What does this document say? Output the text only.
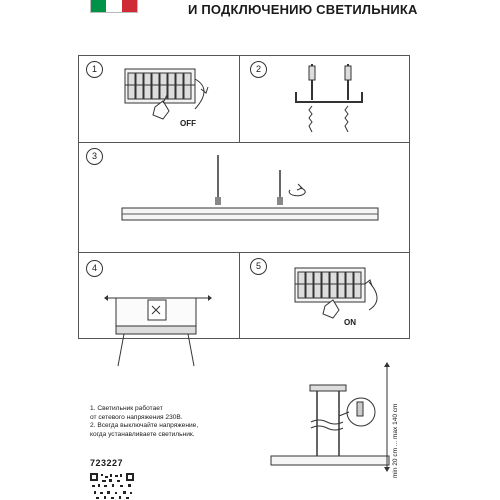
И ПОДКЛЮЧЕНИЮ СВЕТИЛЬНИКА
1	2
3
4	5
OFF
ON
min 20 cm ... max 140 cm
1. Светильник работает
от сетевого напряжения 230В.
2. Всегда выключайте напряжение,
когда устанавливаете светильник.
723227
